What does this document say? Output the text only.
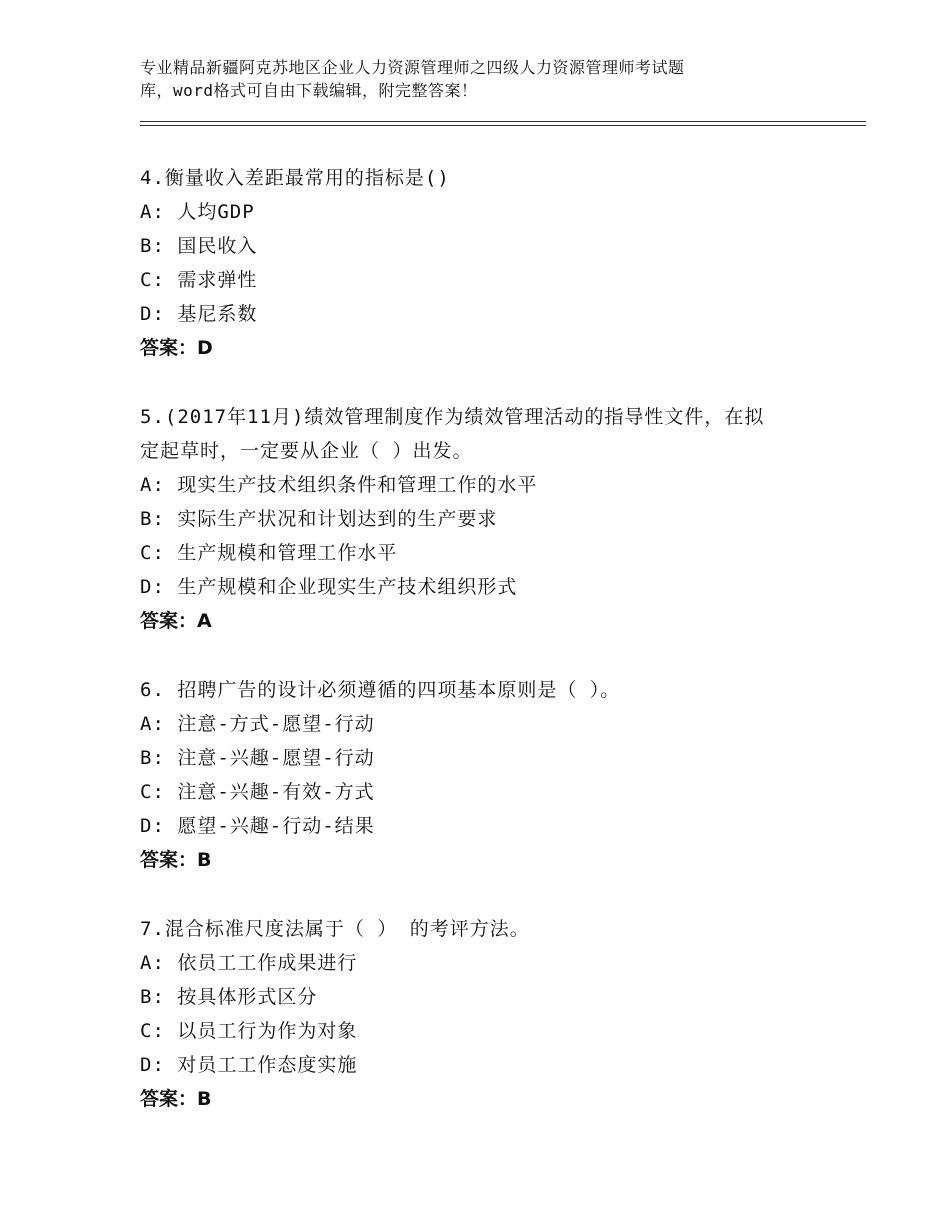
专业精品新疆阿克苏地区企业人力资源管理师之四级人力资源管理师考试题
库，word格式可自由下载编辑，附完整答案！
4.衡量收入差距最常用的指标是()
A: 人均GDP
B: 国民收入
C: 需求弹性
D: 基尼系数
答案：D
5.(2017年11月)绩效管理制度作为绩效管理活动的指导性文件，在拟
定起草时，一定要从企业（ ）出发。
A: 现实生产技术组织条件和管理工作的水平
B: 实际生产状况和计划达到的生产要求
C: 生产规模和管理工作水平
D: 生产规模和企业现实生产技术组织形式
答案：A
6. 招聘广告的设计必须遵循的四项基本原则是（ ）。
A: 注意-方式-愿望-行动
B: 注意-兴趣-愿望-行动
C: 注意-兴趣-有效-方式
D: 愿望-兴趣-行动-结果
答案：B
7.混合标准尺度法属于（ ） 的考评方法。
A: 依员工工作成果进行
B: 按具体形式区分
C: 以员工行为作为对象
D: 对员工工作态度实施
答案：B
